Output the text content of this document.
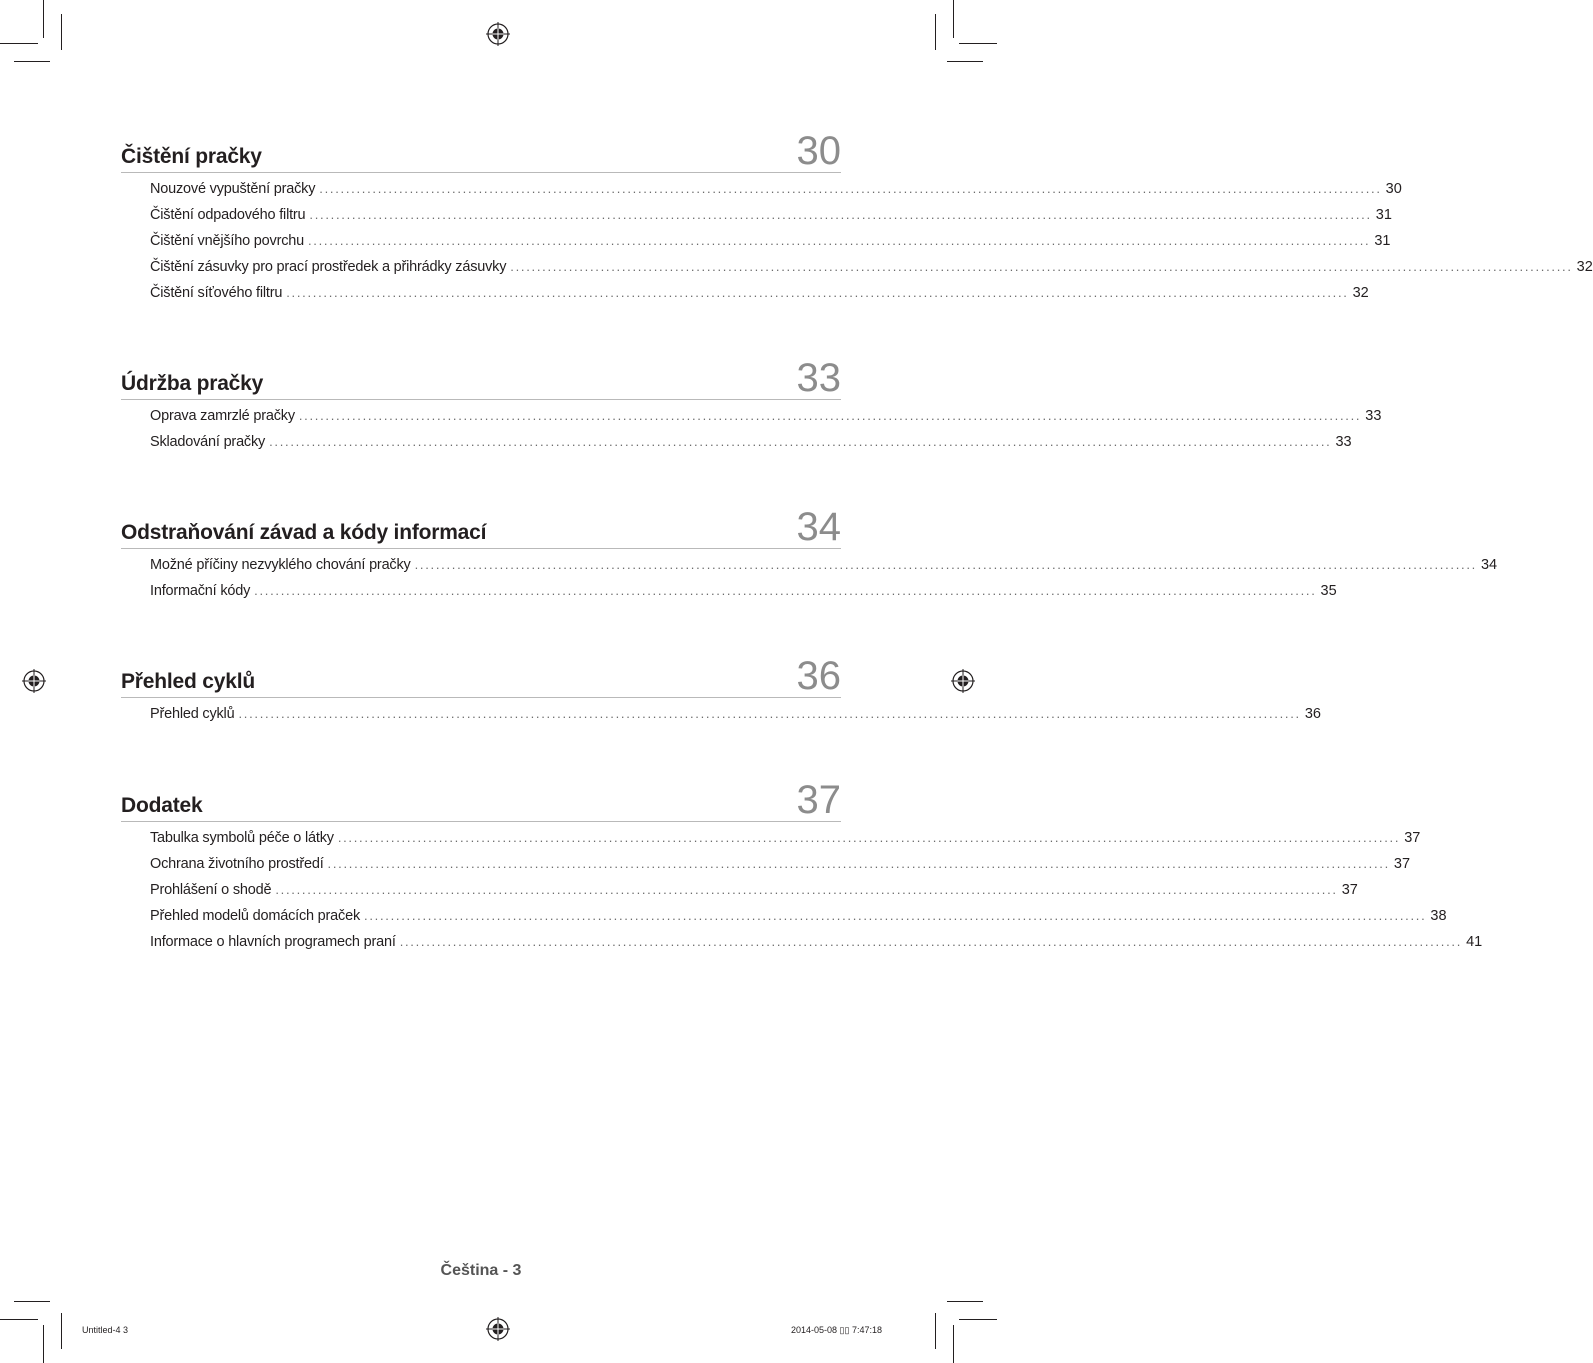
Čištění pračky	30
Nouzové vypuštění pračky ........................................................................................................................................................................................................ 30
Čištění odpadového filtru ........................................................................................................................................................................................................ 31
Čištění vnějšího povrchu ........................................................................................................................................................................................................ 31
Čištění zásuvky pro prací prostředek a přihrádky zásuvky ........................................................................................................................................................................................................ 32
Čištění síťového filtru ........................................................................................................................................................................................................ 32
Údržba pračky	33
Oprava zamrzlé pračky ........................................................................................................................................................................................................ 33
Skladování pračky ........................................................................................................................................................................................................ 33
Odstraňování závad a kódy informací	34
Možné příčiny nezvyklého chování pračky ........................................................................................................................................................................................................ 34
Informační kódy ........................................................................................................................................................................................................ 35
Přehled cyklů	36
Přehled cyklů ........................................................................................................................................................................................................ 36
Dodatek	37
Tabulka symbolů péče o látky ........................................................................................................................................................................................................ 37
Ochrana životního prostředí ........................................................................................................................................................................................................ 37
Prohlášení o shodě ........................................................................................................................................................................................................ 37
Přehled modelů domácích praček ........................................................................................................................................................................................................ 38
Informace o hlavních programech praní ........................................................................................................................................................................................................ 41
Čeština - 3
Untitled-4 3	2014-05-08 ▯▯ 7:47:18
